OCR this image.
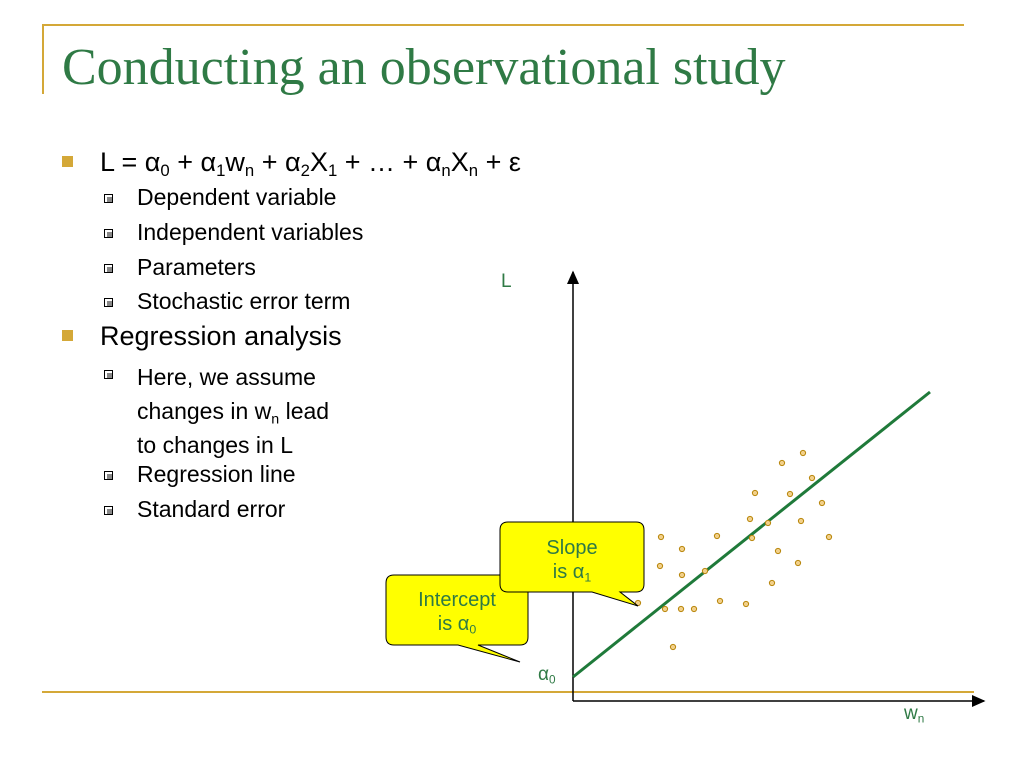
Conducting an observational study
$L = \alpha_0 + \alpha_1w_n + \alpha_2X_1$ + … + $\alpha_nX_n + \varepsilon$
Dependent variable
Independent variables
Parameters
Stochastic error term
Regression analysis
Here, we assume
changes in $w_n$ lead
to changes in L
Regression line
Standard error
Slope
is $\alpha_1$
Intercept
is $\alpha_0$
L
$w_n$
$\alpha_0$
